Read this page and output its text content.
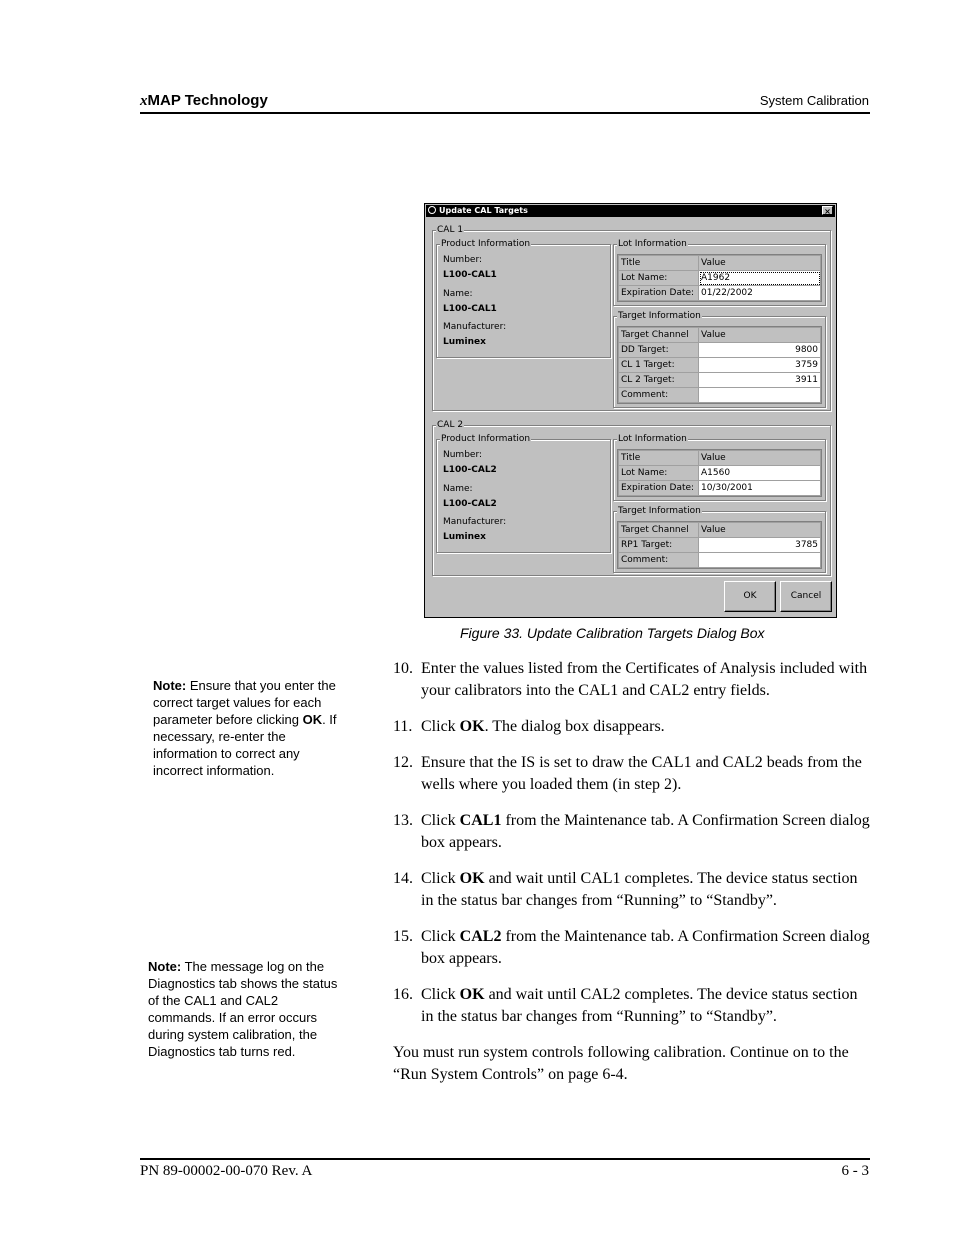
xMAP Technology	System Calibration
Update CAL Targets	×
CAL 1
Product Information
Number:
L100-CAL1
Name:
L100-CAL1
Manufacturer:
Luminex
Lot Information
Title	Value
Lot Name:	A1962
Expiration Date:	01/22/2002
Target Information
Target Channel	Value
DD Target:	9800
CL 1 Target:	3759
CL 2 Target:	3911
Comment:	
CAL 2
Product Information
Number:
L100-CAL2
Name:
L100-CAL2
Manufacturer:
Luminex
Lot Information
Title	Value
Lot Name:	A1560
Expiration Date:	10/30/2001
Target Information
Target Channel	Value
RP1 Target:	3785
Comment:	
OK	Cancel
Figure 33. Update Calibration Targets Dialog Box
Note: Ensure that you enter the correct target values for each parameter before clicking OK. If necessary, re-enter the information to correct any incorrect information.
Note: The message log on the Diagnostics tab shows the status of the CAL1 and CAL2 commands. If an error occurs during system calibration, the Diagnostics tab turns red.
10. Enter the values listed from the Certificates of Analysis included with your calibrators into the CAL1 and CAL2 entry fields.
11. Click OK. The dialog box disappears.
12. Ensure that the IS is set to draw the CAL1 and CAL2 beads from the wells where you loaded them (in step 2).
13. Click CAL1 from the Maintenance tab. A Confirmation Screen dialog box appears.
14. Click OK and wait until CAL1 completes. The device status section in the status bar changes from “Running” to “Standby”.
15. Click CAL2 from the Maintenance tab. A Confirmation Screen dialog box appears.
16. Click OK and wait until CAL2 completes. The device status section in the status bar changes from “Running” to “Standby”.
You must run system controls following calibration. Continue on to the “Run System Controls” on page 6-4.
PN 89-00002-00-070 Rev. A	6 - 3
